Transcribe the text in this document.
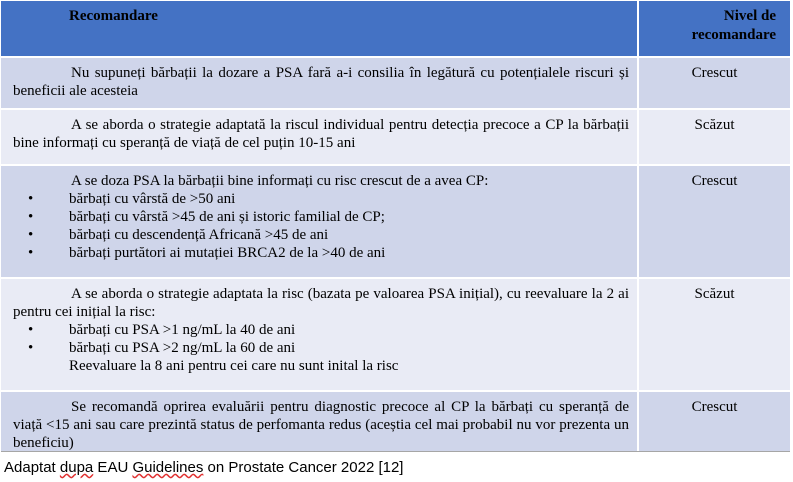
Recomandare	Nivel de
recomandare
Nu supuneți bărbații la dozare a PSA fară a-i consilia în legătură cu potențialele riscuri și beneficii ale acesteia
Crescut
A se aborda o strategie adaptată la riscul individual pentru detecția precoce a CP la bărbații bine informați cu speranță de viață de cel puțin 10-15 ani
Scăzut
A se doza PSA la bărbații bine informați cu risc crescut de a avea CP:
• bărbați cu vârstă de >50 ani
• bărbați cu vârstă >45 de ani și istoric familial de CP;
• bărbați cu descendență Africană >45 de ani
• bărbați purtători ai mutației BRCA2 de la >40 de ani
Crescut
A se aborda o strategie adaptata la risc (bazata pe valoarea PSA inițial), cu reevaluare la 2 ai pentru cei inițial la risc:
• bărbați cu PSA >1 ng/mL la 40 de ani
• bărbați cu PSA >2 ng/mL la 60 de ani
Reevaluare la 8 ani pentru cei care nu sunt inital la risc
Scăzut
Se recomandă oprirea evaluării pentru diagnostic precoce al CP la bărbați cu speranță de viață <15 ani sau care prezintă status de perfomanta redus (aceștia cel mai probabil nu vor prezenta un beneficiu)
Crescut
Adaptat dupa EAU Guidelines on Prostate Cancer 2022 [12]
